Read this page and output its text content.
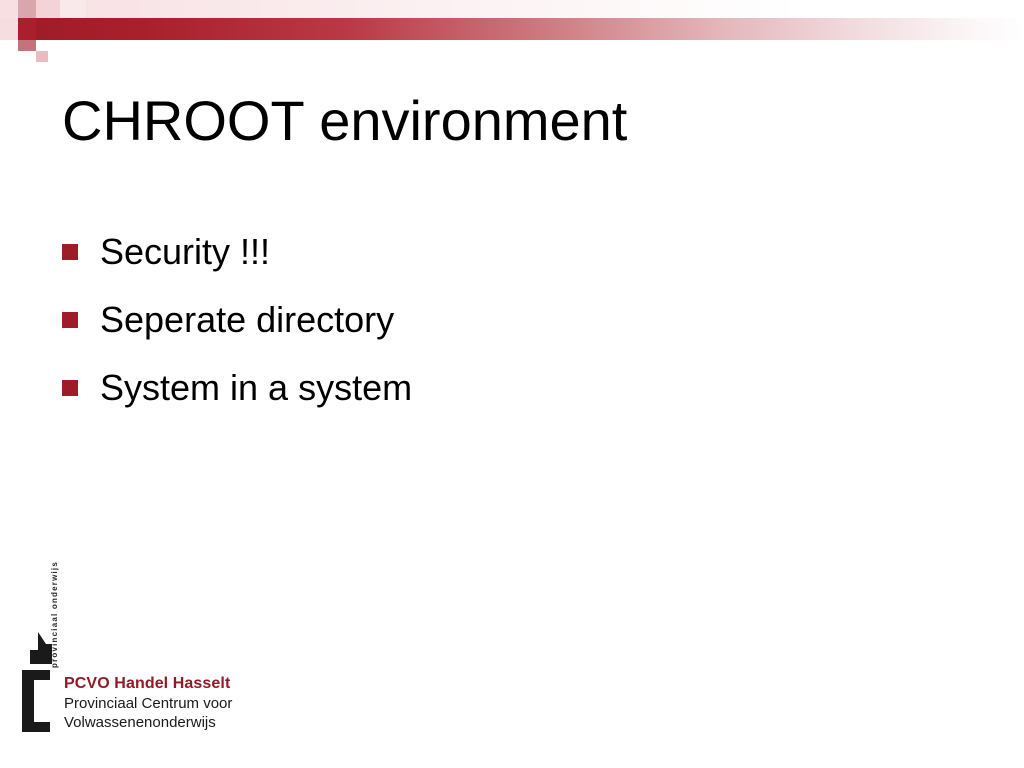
CHROOT environment
Security !!!
Seperate directory
System in a system
provinciaal onderwijs
PCVO Handel Hasselt
Provinciaal Centrum voor
Volwassenenonderwijs
